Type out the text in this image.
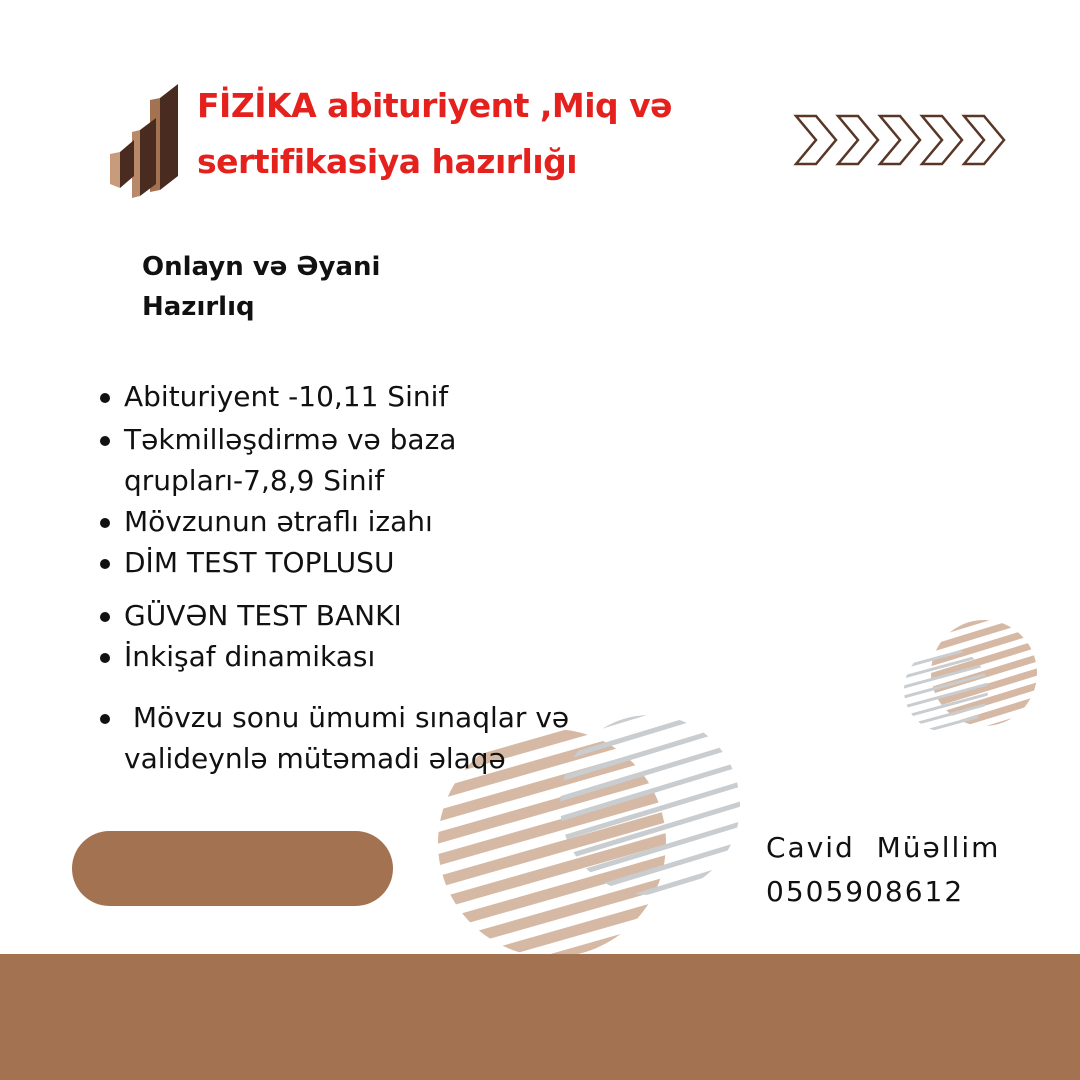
FİZİKA abituriyent ,Miq və
sertifikasiya hazırlığı
Onlayn və Əyani
Hazırlıq
Abituriyent -10,11 Sinif
Təkmilləşdirmə və baza
qrupları-7,8,9 Sinif
Mövzunun ətraflı izahı
DİM TEST TOPLUSU
GÜVƏN TEST BANKI
İnkişaf dinamikası
Mövzu sonu ümumi sınaqlar və
valideynlə mütəmadi əlaqə
Cavid  Müəllim
0505908612
